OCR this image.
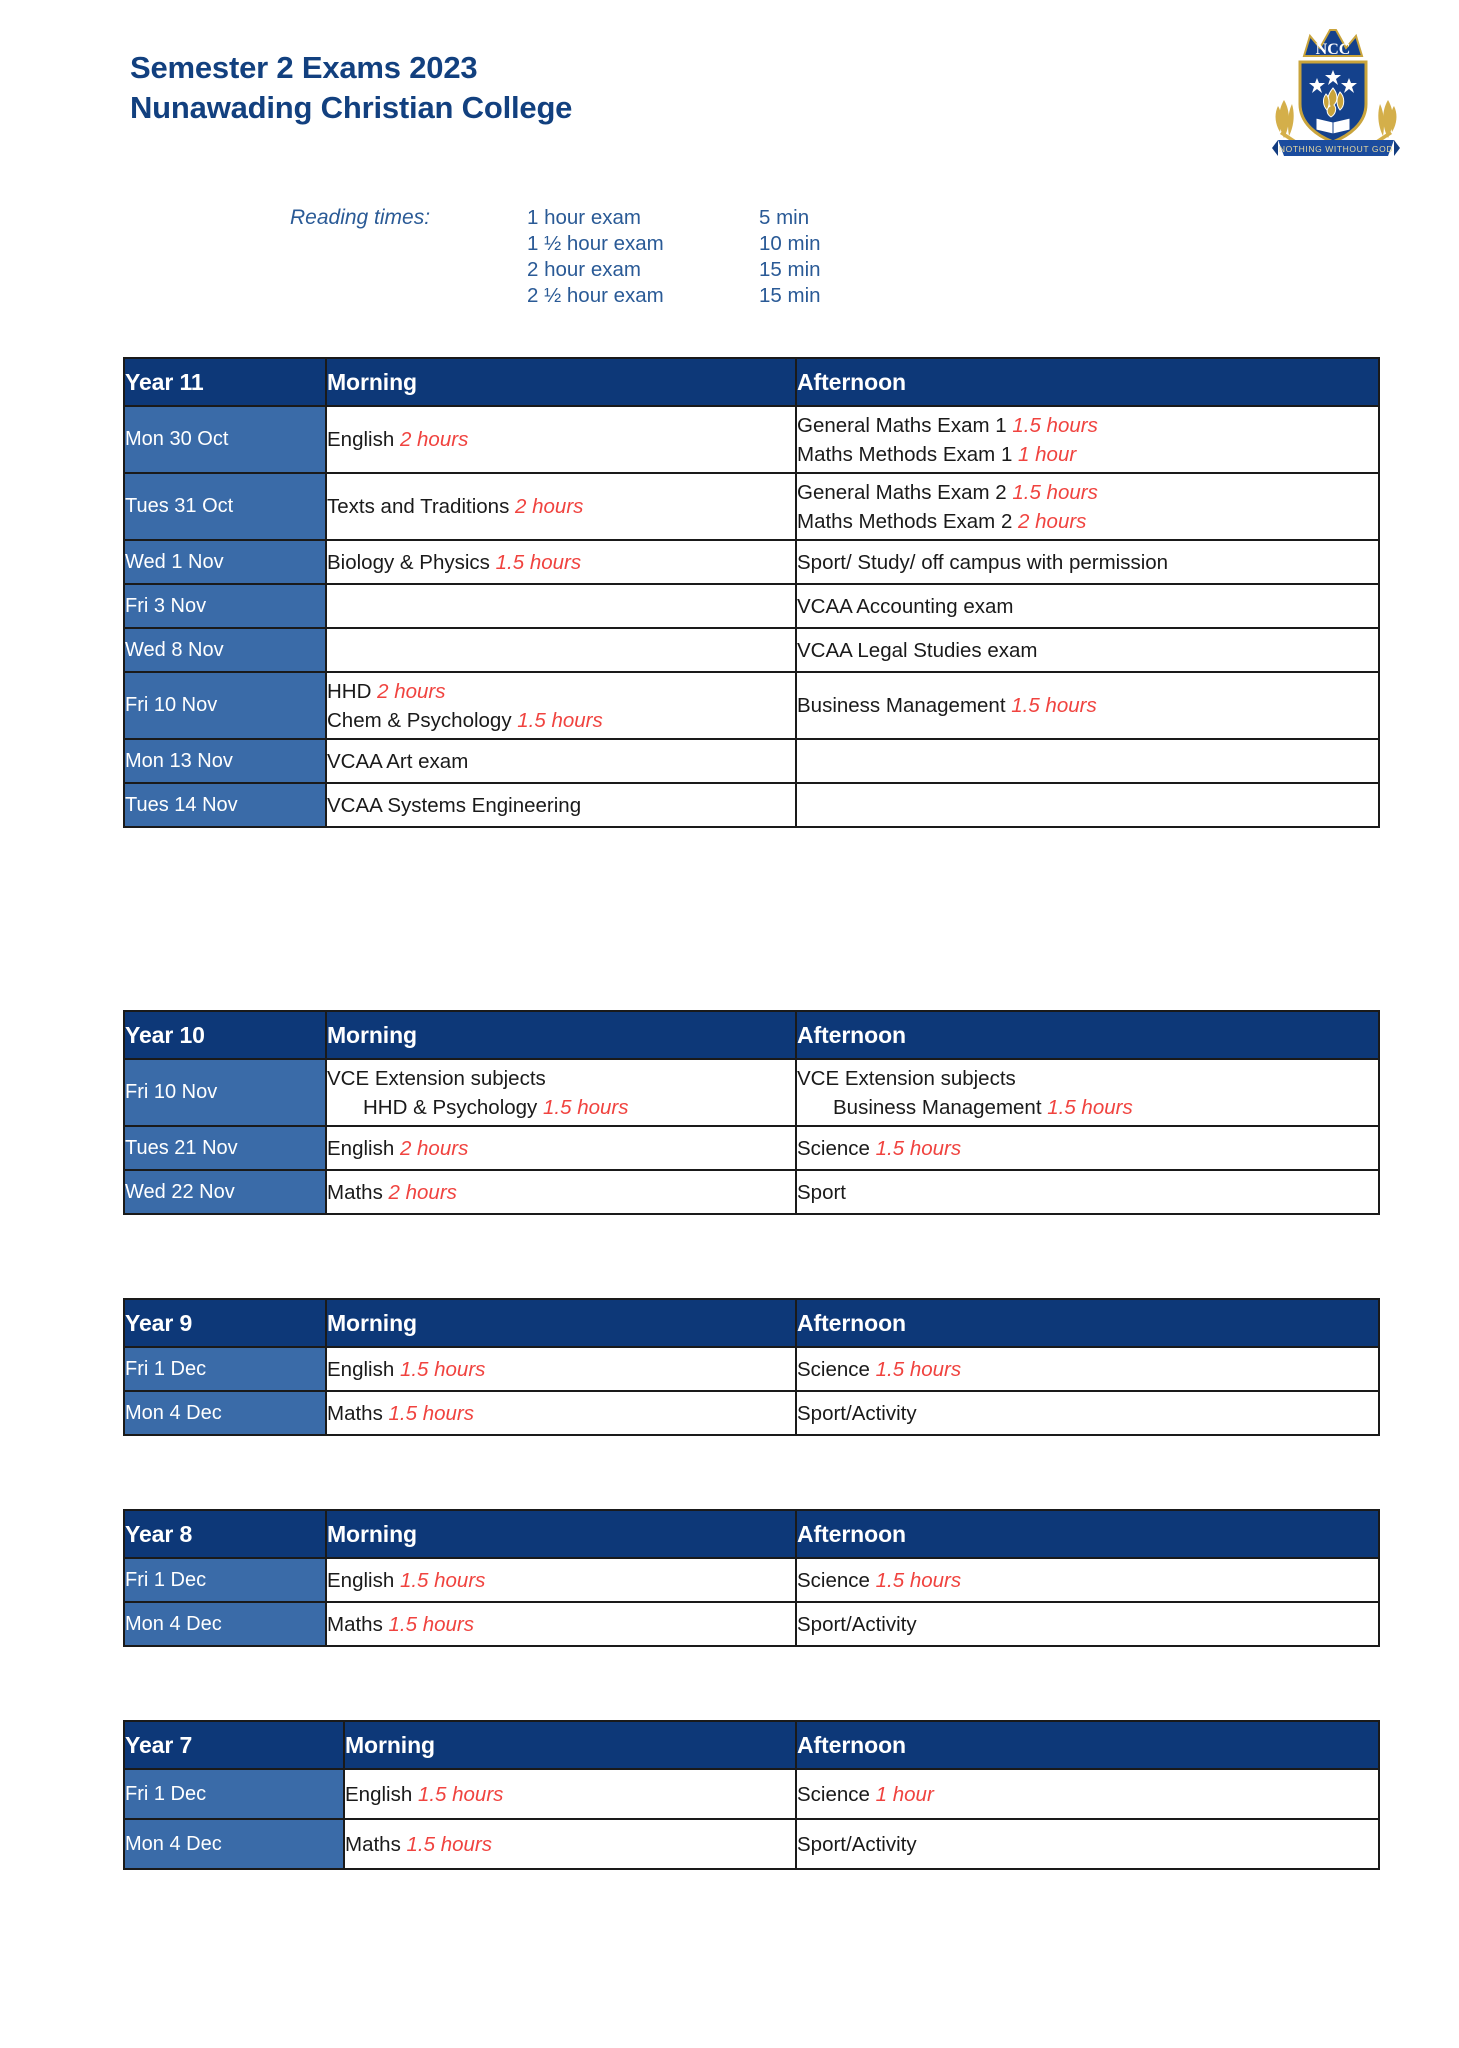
Semester 2 Exams 2023
Nunawading Christian College
NCC
NOTHING WITHOUT GOD
Reading times:	1 hour exam	5 min
1 ½ hour exam	10 min
2 hour exam	15 min
2 ½ hour exam	15 min
Year 11	Morning	Afternoon
Mon 30 Oct	English 2 hours	General Maths Exam 1 1.5 hours
Maths Methods Exam 1 1 hour

Tues 31 Oct	Texts and Traditions 2 hours	General Maths Exam 2 1.5 hours
Maths Methods Exam 2 2 hours

Wed 1 Nov	Biology & Physics 1.5 hours	Sport/ Study/ off campus with permission

Fri 3 Nov		VCAA Accounting exam

Wed 8 Nov		VCAA Legal Studies exam

Fri 10 Nov	HHD 2 hours
Chem & Psychology 1.5 hours	Business Management 1.5 hours

Mon 13 Nov	VCAA Art exam	

Tues 14 Nov	VCAA Systems Engineering	

Year 10	Morning	Afternoon
Fri 10 Nov	VCE Extension subjects
HHD & Psychology 1.5 hours	VCE Extension subjects
Business Management 1.5 hours

Tues 21 Nov	English 2 hours	Science 1.5 hours

Wed 22 Nov	Maths 2 hours	Sport
Year 9	Morning	Afternoon
Fri 1 Dec	English 1.5 hours	Science 1.5 hours

Mon 4 Dec	Maths 1.5 hours	Sport/Activity
Year 8	Morning	Afternoon
Fri 1 Dec	English 1.5 hours	Science 1.5 hours

Mon 4 Dec	Maths 1.5 hours	Sport/Activity
Year 7	Morning	Afternoon
Fri 1 Dec	English 1.5 hours	Science 1 hour

Mon 4 Dec	Maths 1.5 hours	Sport/Activity
